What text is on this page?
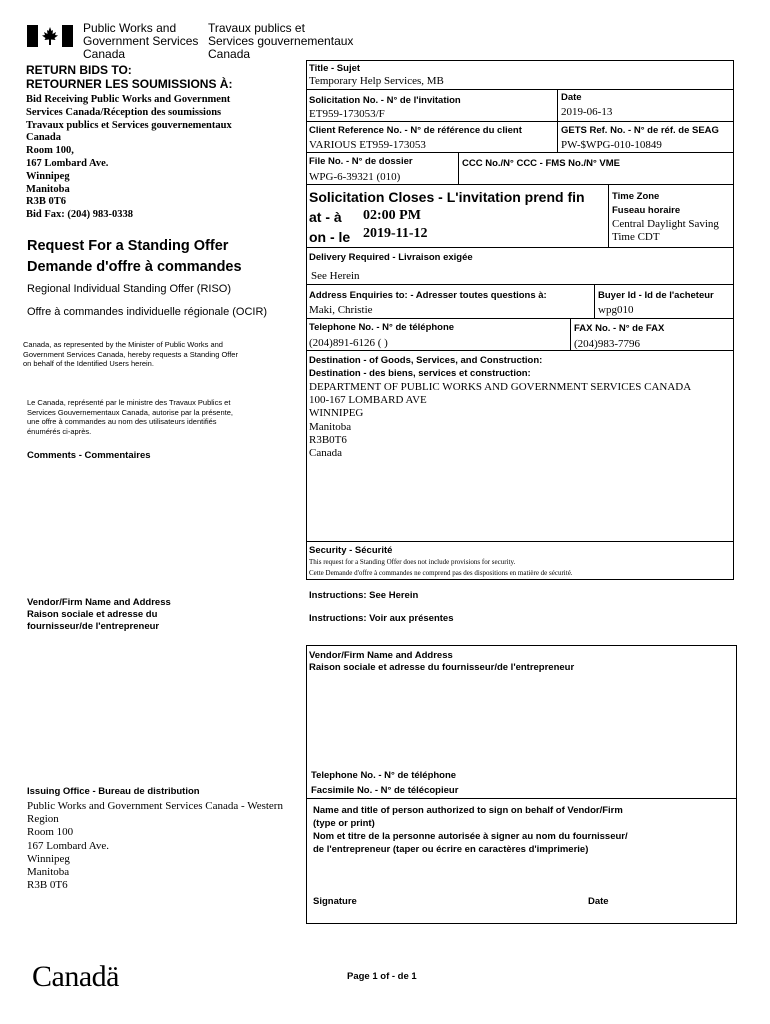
Public Works and
Government Services
Canada
Travaux publics et
Services gouvernementaux
Canada
RETURN BIDS TO:
RETOURNER LES SOUMISSIONS À:
Bid Receiving Public Works and Government
Services Canada/Réception des soumissions
Travaux publics et Services gouvernementaux
Canada
Room 100,
167 Lombard Ave.
Winnipeg
Manitoba
R3B 0T6
Bid Fax: (204) 983-0338
Request For a Standing Offer
Demande d'offre à commandes
Regional Individual Standing Offer (RISO)
Offre à commandes individuelle régionale (OCIR)
Canada, as represented by the Minister of Public Works and
Government Services Canada, hereby requests a Standing Offer
on behalf of the Identified Users herein.
Le Canada, représenté par le ministre des Travaux Publics et
Services Gouvernementaux Canada, autorise par la présente,
une offre à commandes au nom des utilisateurs identifiés
énumérés ci-après.
Comments - Commentaires
Vendor/Firm Name and Address
Raison sociale et adresse du
fournisseur/de l'entrepreneur
Issuing Office - Bureau de distribution
Public Works and Government Services Canada - Western
Region
Room 100
167 Lombard Ave.
Winnipeg
Manitoba
R3B 0T6
Title - Sujet
Temporary Help Services, MB
Solicitation No. - N° de l'invitation
ET959-173053/F
Date
2019-06-13
Client Reference No. - N° de référence du client
VARIOUS ET959-173053
GETS Ref. No. - N° de réf. de SEAG
PW-$WPG-010-10849
File No. - N° de dossier
WPG-6-39321 (010)
CCC No./N° CCC - FMS No./N° VME
Solicitation Closes - L'invitation prend fin
at - à 02:00 PM
on - le 2019-11-12
Time Zone
Fuseau horaire
Central Daylight Saving
Time CDT
Delivery Required - Livraison exigée
See Herein
Address Enquiries to: - Adresser toutes questions à:
Maki, Christie
Buyer Id - Id de l'acheteur
wpg010
Telephone No. - N° de téléphone
(204)891-6126 ( )
FAX No. - N° de FAX
(204)983-7796
Destination - of Goods, Services, and Construction:
Destination - des biens, services et construction:
DEPARTMENT OF PUBLIC WORKS AND GOVERNMENT SERVICES CANADA
100-167 LOMBARD AVE
WINNIPEG
Manitoba
R3B0T6
Canada
Security - Sécurité
This request for a Standing Offer does not include provisions for security.
Cette Demande d'offre à commandes ne comprend pas des dispositions en matière de sécurité.
Instructions: See Herein
Instructions: Voir aux présentes
Vendor/Firm Name and Address
Raison sociale et adresse du fournisseur/de l'entrepreneur
Telephone No. - N° de téléphone
Facsimile No. - N° de télécopieur
Name and title of person authorized to sign on behalf of Vendor/Firm
(type or print)
Nom et titre de la personne autorisée à signer au nom du fournisseur/
de l'entrepreneur (taper ou écrire en caractères d'imprimerie)
Signature	Date
Canadä	Page 1 of - de 1
